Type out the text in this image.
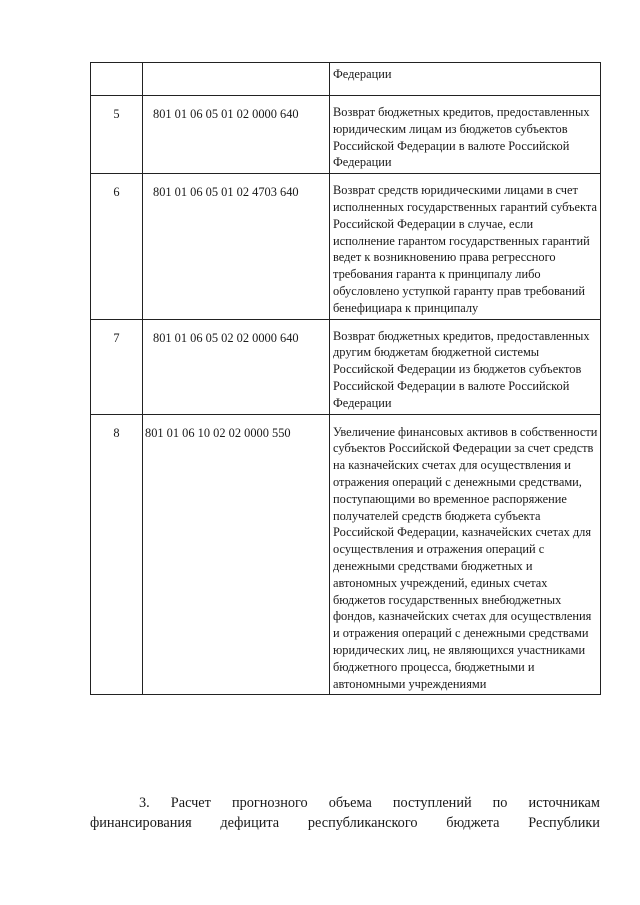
		Федерации
5	801 01 06 05 01 02 0000 640	Возврат бюджетных кредитов, предоставленных юридическим лицам из бюджетов субъектов Российской Федерации в валюте Российской Федерации
6	801 01 06 05 01 02 4703 640	Возврат средств юридическими лицами в счет исполненных государственных гарантий субъекта Российской Федерации в случае, если исполнение гарантом государственных гарантий ведет к возникновению права регрессного требования гаранта к принципалу либо обусловлено уступкой гаранту прав требований бенефициара к принципалу
7	801 01 06 05 02 02 0000 640	Возврат бюджетных кредитов, предоставленных другим бюджетам бюджетной системы Российской Федерации из бюджетов субъектов Российской Федерации в валюте Российской Федерации
8	801 01 06 10 02 02 0000 550	Увеличение финансовых активов в собственности субъектов Российской Федерации за счет средств на казначейских счетах для осуществления и отражения операций с денежными средствами, поступающими во временное распоряжение получателей средств бюджета субъекта Российской Федерации, казначейских счетах для осуществления и отражения операций с денежными средствами бюджетных и автономных учреждений, единых счетах бюджетов государственных внебюджетных фондов, казначейских счетах для осуществления и отражения операций с денежными средствами юридических лиц, не являющихся участниками бюджетного процесса, бюджетными и автономными учреждениями
3. Расчет прогнозного объема поступлений по источникам
финансирования дефицита республиканского бюджета Республики
